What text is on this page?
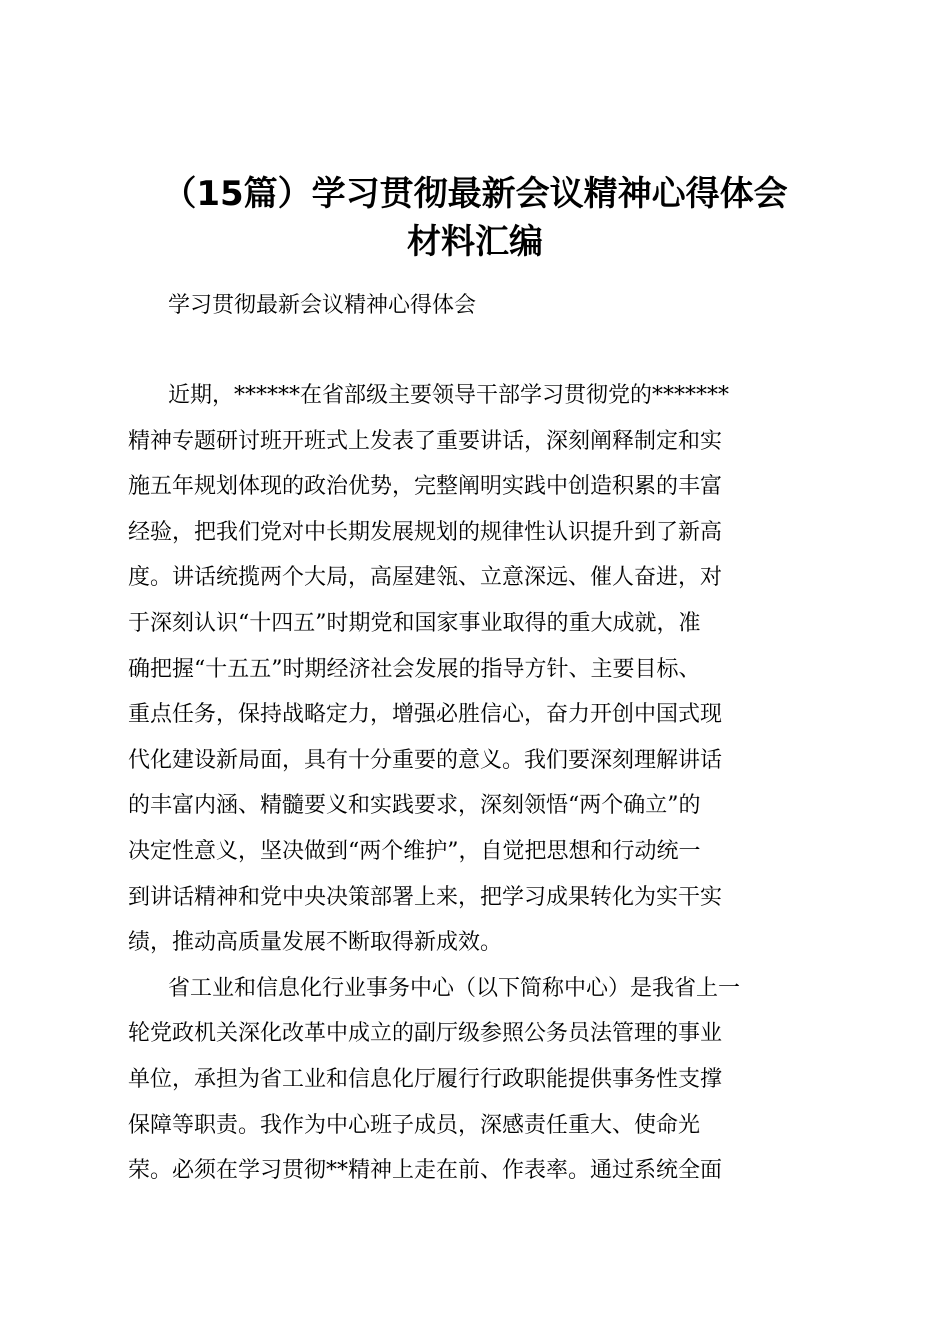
（15篇）学习贯彻最新会议精神心得体会
材料汇编
学习贯彻最新会议精神心得体会
近期，******在省部级主要领导干部学习贯彻党的*******
精神专题研讨班开班式上发表了重要讲话，深刻阐释制定和实
施五年规划体现的政治优势，完整阐明实践中创造积累的丰富
经验，把我们党对中长期发展规划的规律性认识提升到了新高
度。讲话统揽两个大局，高屋建瓴、立意深远、催人奋进，对
于深刻认识“十四五”时期党和国家事业取得的重大成就，准
确把握“十五五”时期经济社会发展的指导方针、主要目标、
重点任务，保持战略定力，增强必胜信心，奋力开创中国式现
代化建设新局面，具有十分重要的意义。我们要深刻理解讲话
的丰富内涵、精髓要义和实践要求，深刻领悟“两个确立”的
决定性意义，坚决做到“两个维护”，自觉把思想和行动统一
到讲话精神和党中央决策部署上来，把学习成果转化为实干实
绩，推动高质量发展不断取得新成效。
省工业和信息化行业事务中心（以下简称中心）是我省上一
轮党政机关深化改革中成立的副厅级参照公务员法管理的事业
单位，承担为省工业和信息化厅履行行政职能提供事务性支撑
保障等职责。我作为中心班子成员，深感责任重大、使命光
荣。必须在学习贯彻**精神上走在前、作表率。通过系统全面
